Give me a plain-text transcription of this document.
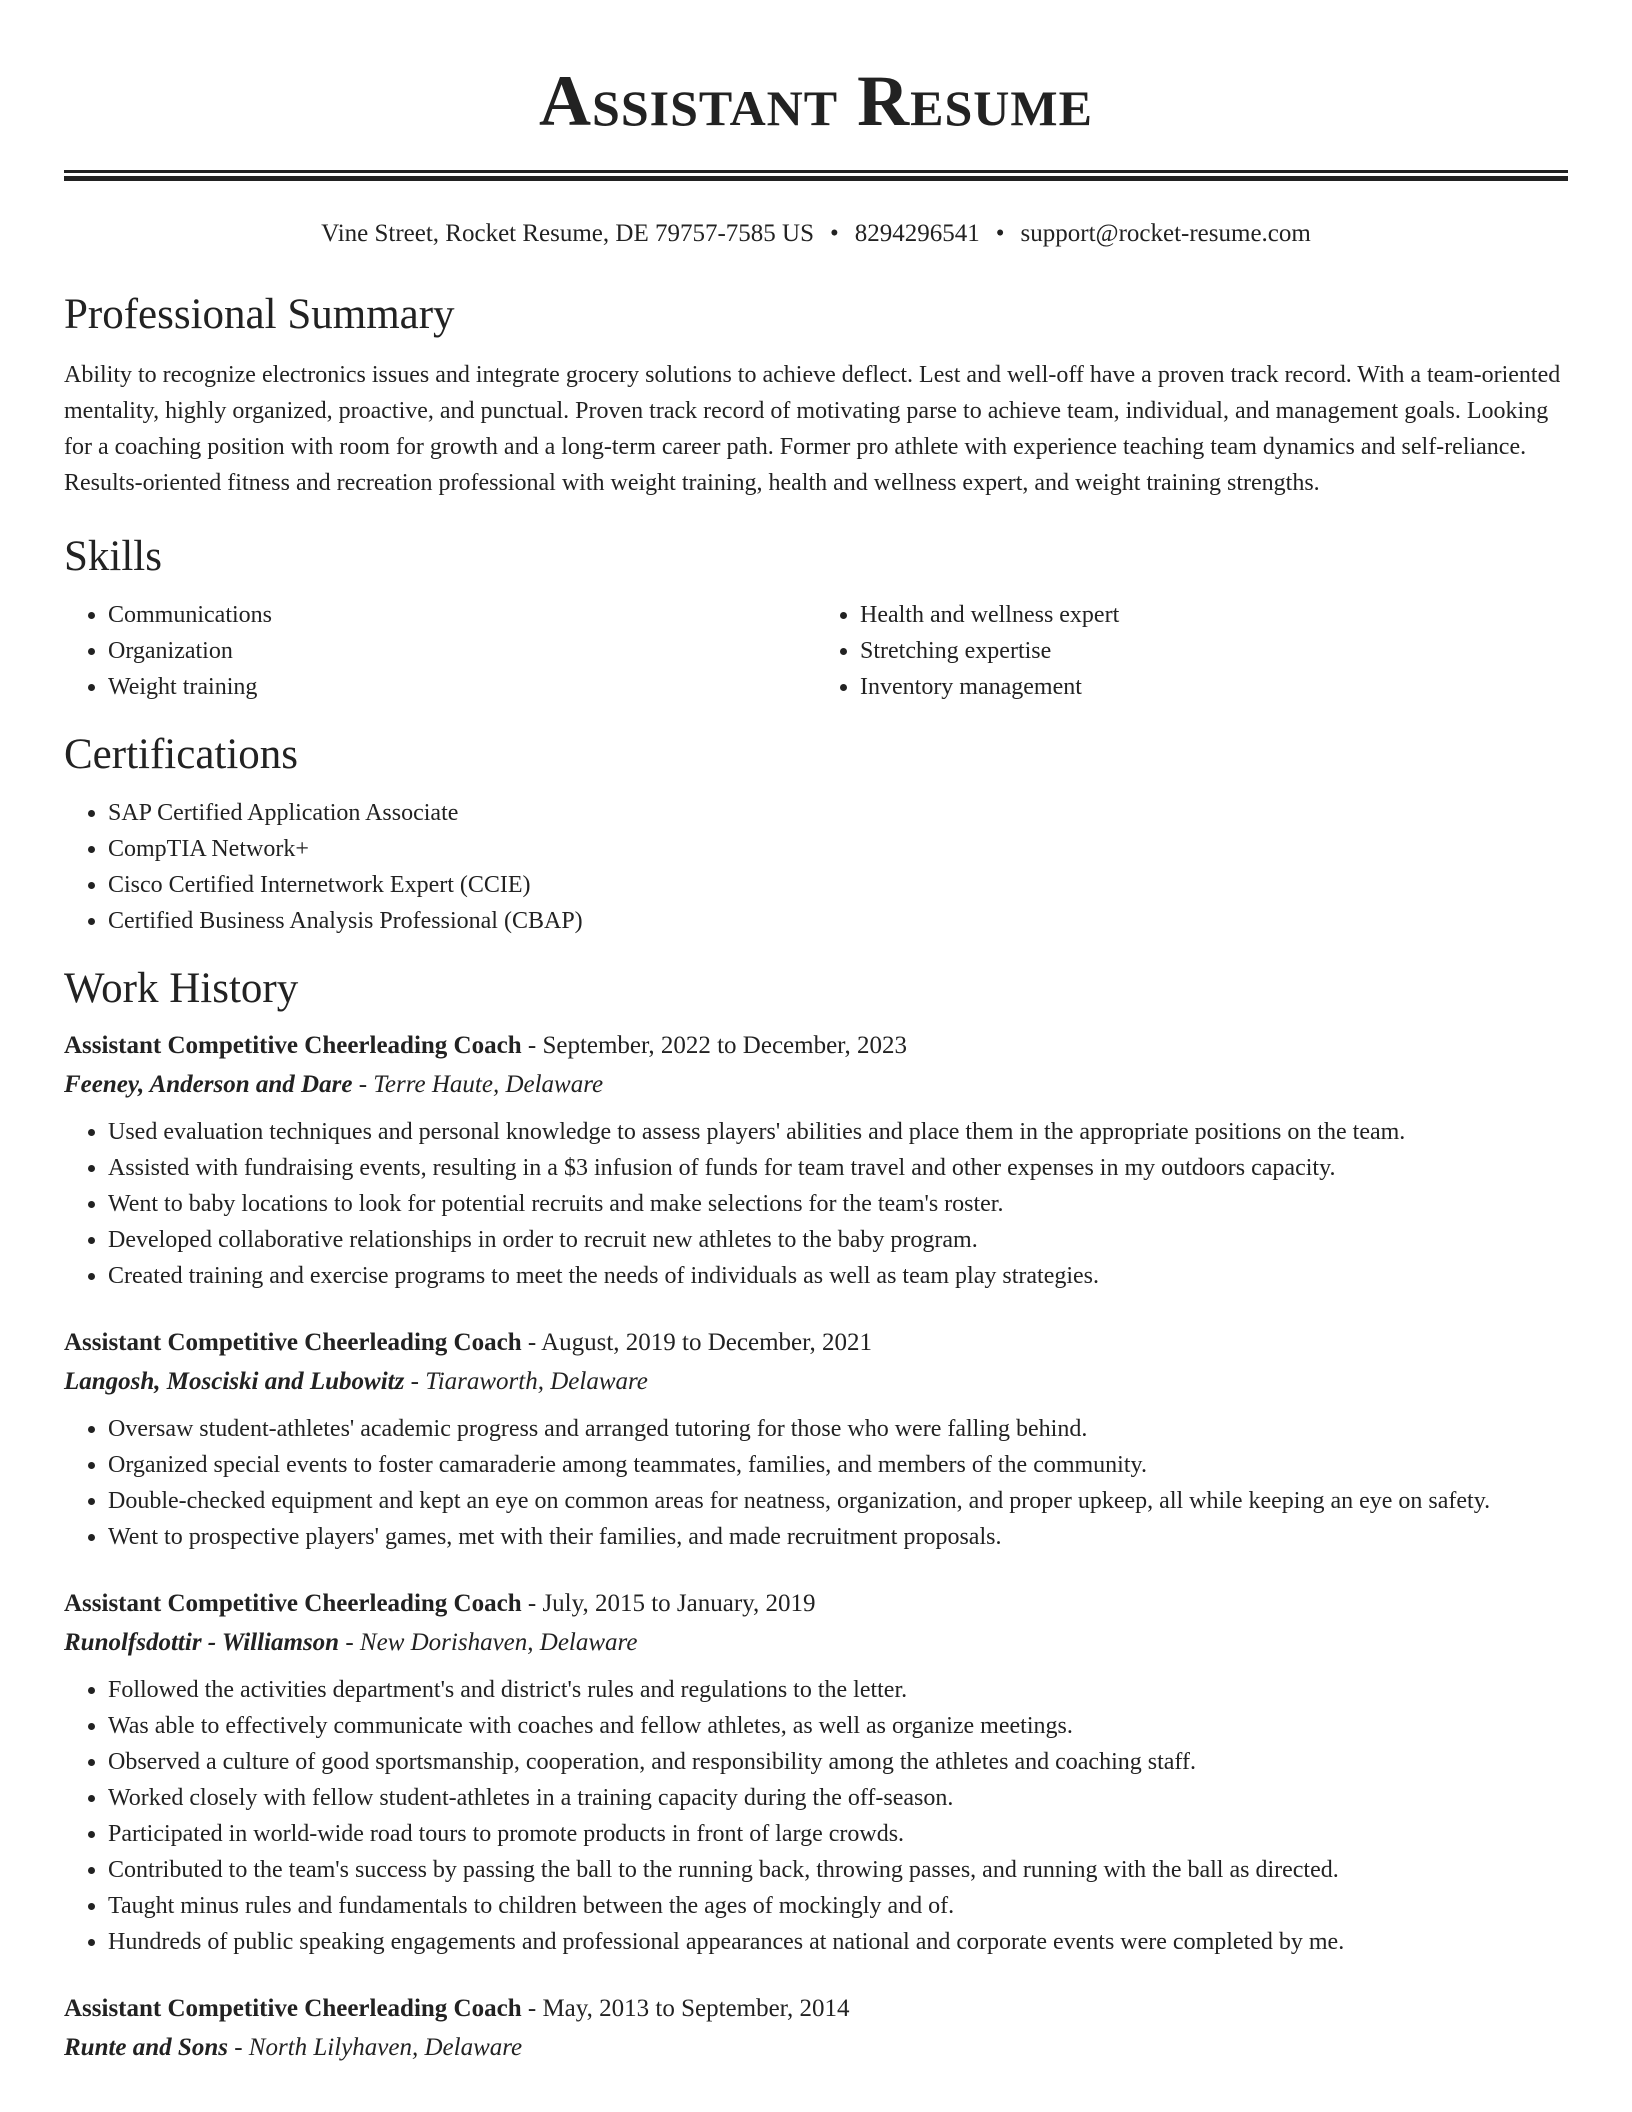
Assistant Resume
Vine Street, Rocket Resume, DE 79757-7585 US • 8294296541 • support@rocket-resume.com
Professional Summary

Ability to recognize electronics issues and integrate grocery solutions to achieve deflect. Lest and well-off have a proven track record. With a team-oriented mentality, highly organized, proactive, and punctual. Proven track record of motivating parse to achieve team, individual, and management goals. Looking for a coaching position with room for growth and a long-term career path. Former pro athlete with experience teaching team dynamics and self-reliance. Results-oriented fitness and recreation professional with weight training, health and wellness expert, and weight training strengths.

Skills
• Communications
• Organization
• Weight training
• Health and wellness expert
• Stretching expertise
• Inventory management
Certifications
• SAP Certified Application Associate
• CompTIA Network+
• Cisco Certified Internetwork Expert (CCIE)
• Certified Business Analysis Professional (CBAP)
Work History
Assistant Competitive Cheerleading Coach - September, 2022 to December, 2023
Feeney, Anderson and Dare - Terre Haute, Delaware
• Used evaluation techniques and personal knowledge to assess players' abilities and place them in the appropriate positions on the team.
• Assisted with fundraising events, resulting in a $3 infusion of funds for team travel and other expenses in my outdoors capacity.
• Went to baby locations to look for potential recruits and make selections for the team's roster.
• Developed collaborative relationships in order to recruit new athletes to the baby program.
• Created training and exercise programs to meet the needs of individuals as well as team play strategies.
Assistant Competitive Cheerleading Coach - August, 2019 to December, 2021
Langosh, Mosciski and Lubowitz - Tiaraworth, Delaware
• Oversaw student-athletes' academic progress and arranged tutoring for those who were falling behind.
• Organized special events to foster camaraderie among teammates, families, and members of the community.
• Double-checked equipment and kept an eye on common areas for neatness, organization, and proper upkeep, all while keeping an eye on safety.
• Went to prospective players' games, met with their families, and made recruitment proposals.
Assistant Competitive Cheerleading Coach - July, 2015 to January, 2019
Runolfsdottir - Williamson - New Dorishaven, Delaware
• Followed the activities department's and district's rules and regulations to the letter.
• Was able to effectively communicate with coaches and fellow athletes, as well as organize meetings.
• Observed a culture of good sportsmanship, cooperation, and responsibility among the athletes and coaching staff.
• Worked closely with fellow student-athletes in a training capacity during the off-season.
• Participated in world-wide road tours to promote products in front of large crowds.
• Contributed to the team's success by passing the ball to the running back, throwing passes, and running with the ball as directed.
• Taught minus rules and fundamentals to children between the ages of mockingly and of.
• Hundreds of public speaking engagements and professional appearances at national and corporate events were completed by me.
Assistant Competitive Cheerleading Coach - May, 2013 to September, 2014
Runte and Sons - North Lilyhaven, Delaware
